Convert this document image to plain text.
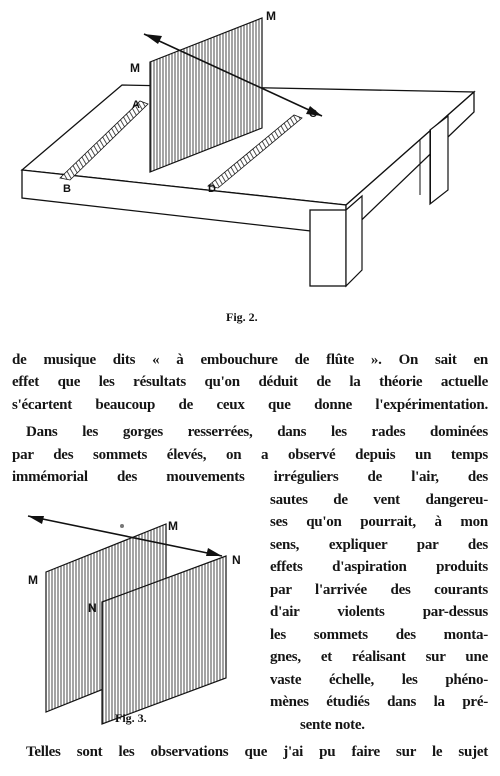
M
M
A
C
B	D
Fig. 2.
de musique dits « à embouchure de flûte ». On sait en
effet que les résultats qu'on déduit de la théorie actuelle
s'écartent beaucoup de ceux que donne l'expérimentation.
Dans les gorges resserrées, dans les rades dominées
par des sommets élevés, on a observé depuis un temps
immémorial des mouvements irréguliers de l'air, des
sautes de vent dangereu-
ses qu'on pourrait, à mon
sens, expliquer par des
effets d'aspiration produits
par l'arrivée des courants
d'air violents par-dessus
les sommets des monta-
gnes, et réalisant sur une
vaste échelle, les phéno-
mènes étudiés dans la pré-
sente note.
M
M
N
N
Fig. 3.
Telles sont les observations que j'ai pu faire sur le sujet
